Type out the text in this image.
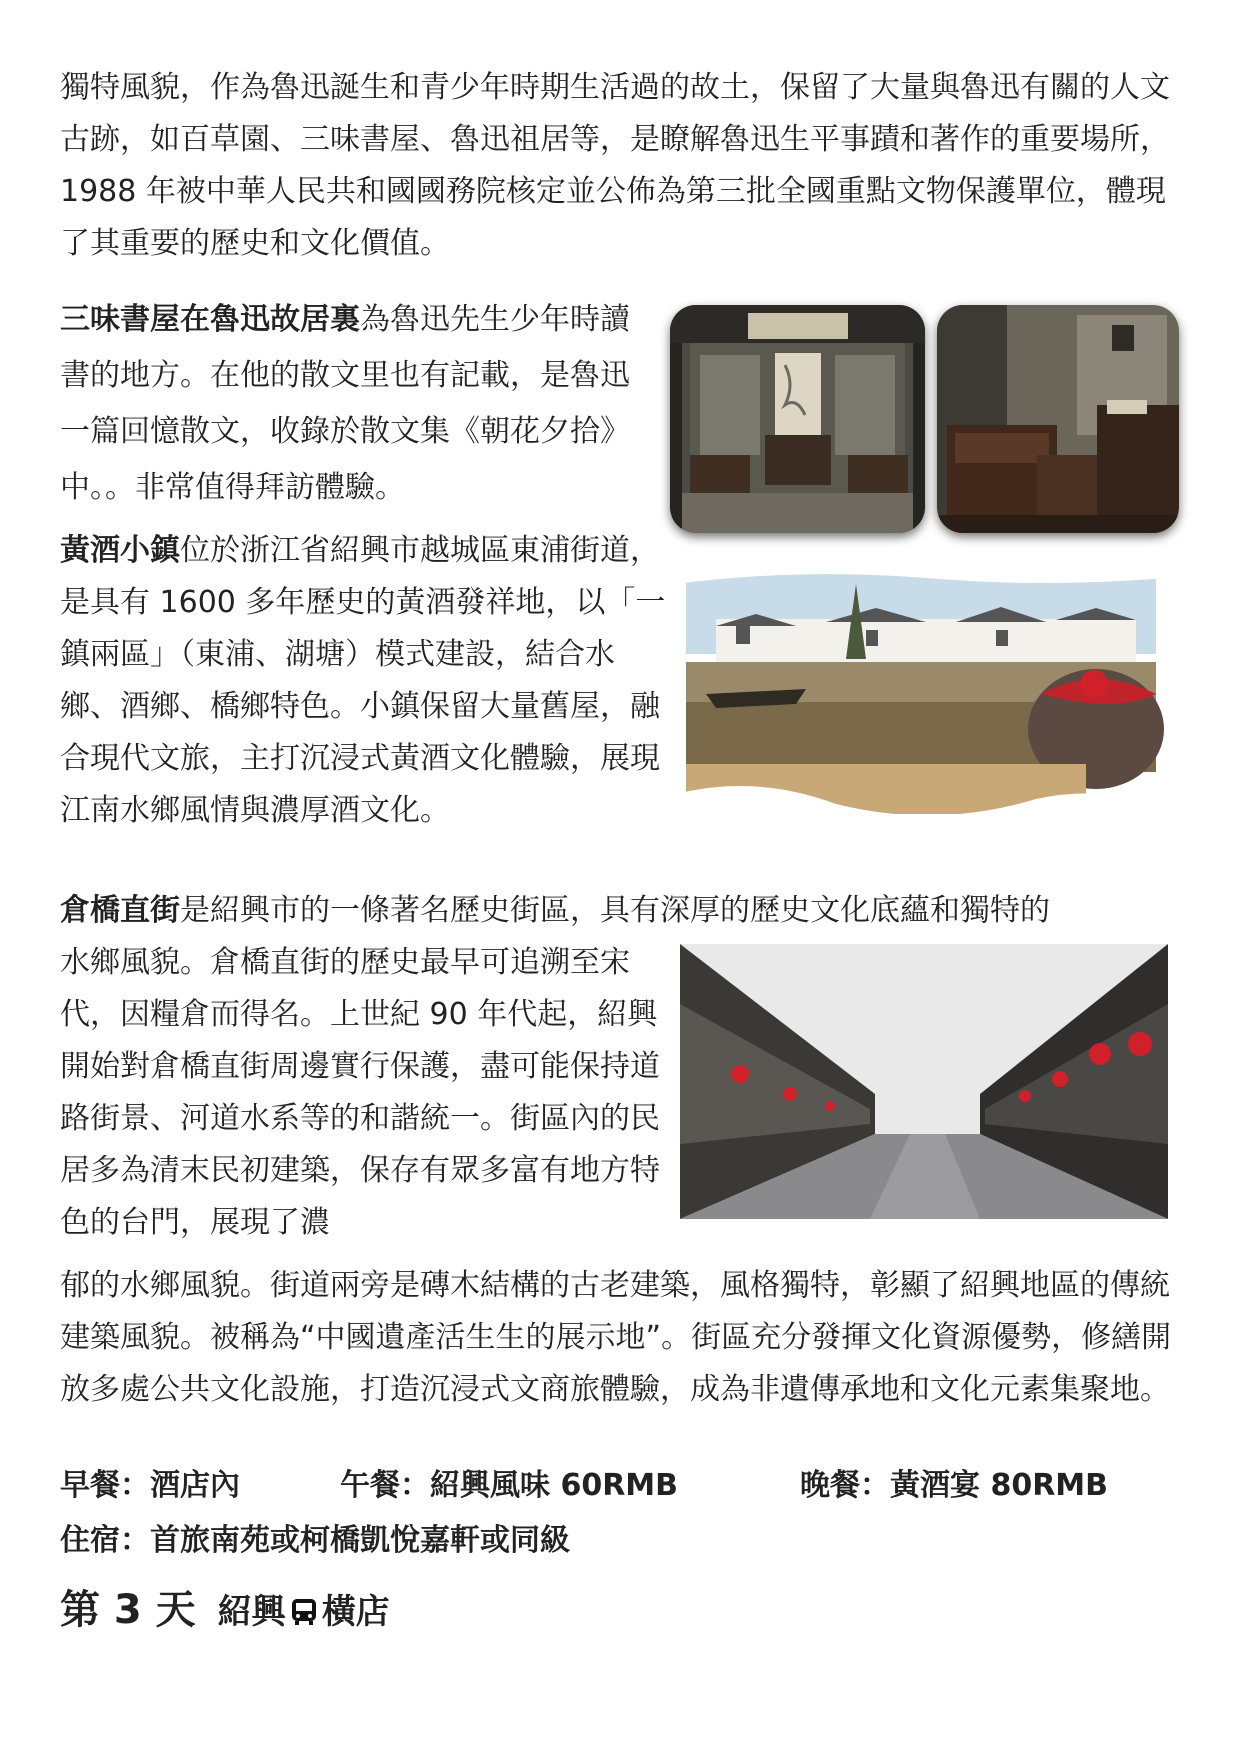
獨特風貌，作為魯迅誕生和青少年時期生活過的故土，保留了大量與魯迅有關的人文古跡，如百草園、三味書屋、魯迅祖居等，是瞭解魯迅生平事蹟和著作的重要場所，1988 年被中華人民共和國國務院核定並公佈為第三批全國重點文物保護單位，體現了其重要的歷史和文化價值。

三味書屋在魯迅故居裏為魯迅先生少年時讀書的地方。在他的散文里也有記載，是魯迅一篇回憶散文，收錄於散文集《朝花夕拾》中。。非常值得拜訪體驗。

黃酒小鎮位於浙江省紹興市越城區東浦街道，是具有 1600 多年歷史的黃酒發祥地，以「一鎮兩區」（東浦、湖塘）模式建設，結合水鄉、酒鄉、橋鄉特色。小鎮保留大量舊屋，融合現代文旅，主打沉浸式黃酒文化體驗，展現江南水鄉風情與濃厚酒文化。

倉橋直街是紹興市的一條著名歷史街區，具有深厚的歷史文化底蘊和獨特的

水鄉風貌。倉橋直街的歷史最早可追溯至宋代，因糧倉而得名。上世紀 90 年代起，紹興開始對倉橋直街周邊實行保護，盡可能保持道路街景、河道水系等的和諧統一。街區內的民居多為清末民初建築，保存有眾多富有地方特色的台門，展現了濃

郁的水鄉風貌。街道兩旁是磚木結構的古老建築，風格獨特，彰顯了紹興地區的傳統建築風貌。被稱為“中國遺產活生生的展示地”。街區充分發揮文化資源優勢，修繕開放多處公共文化設施，打造沉浸式文商旅體驗，成為非遺傳承地和文化元素集聚地。

早餐：酒店內	午餐：紹興風味 60RMB	晚餐：黃酒宴 80RMB
住宿：首旅南苑或柯橋凱悅嘉軒或同級
第 3 天 紹興 橫店
